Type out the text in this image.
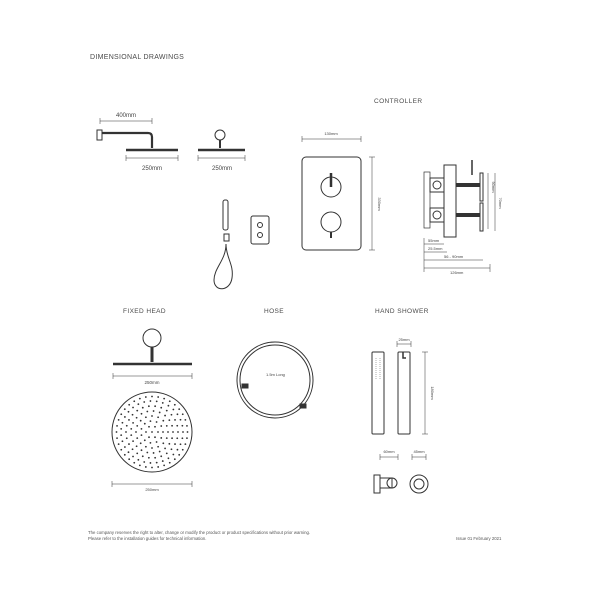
DIMENSIONAL DRAWINGS
CONTROLLER
FIXED HEAD	HOSE	HAND SHOWER
400mm
250mm	250mm
130mm
330mm
90mm
70mm
55mm
25.5mm
56 - 90mm
126mm
250mm
250mm
1.5m Long
25mm
180mm
60mm	45mm
The company reserves the right to alter, change or modify the product or product specifications without prior warning.
Please refer to the installation guides for technical information.	Issue 01 February 2021
